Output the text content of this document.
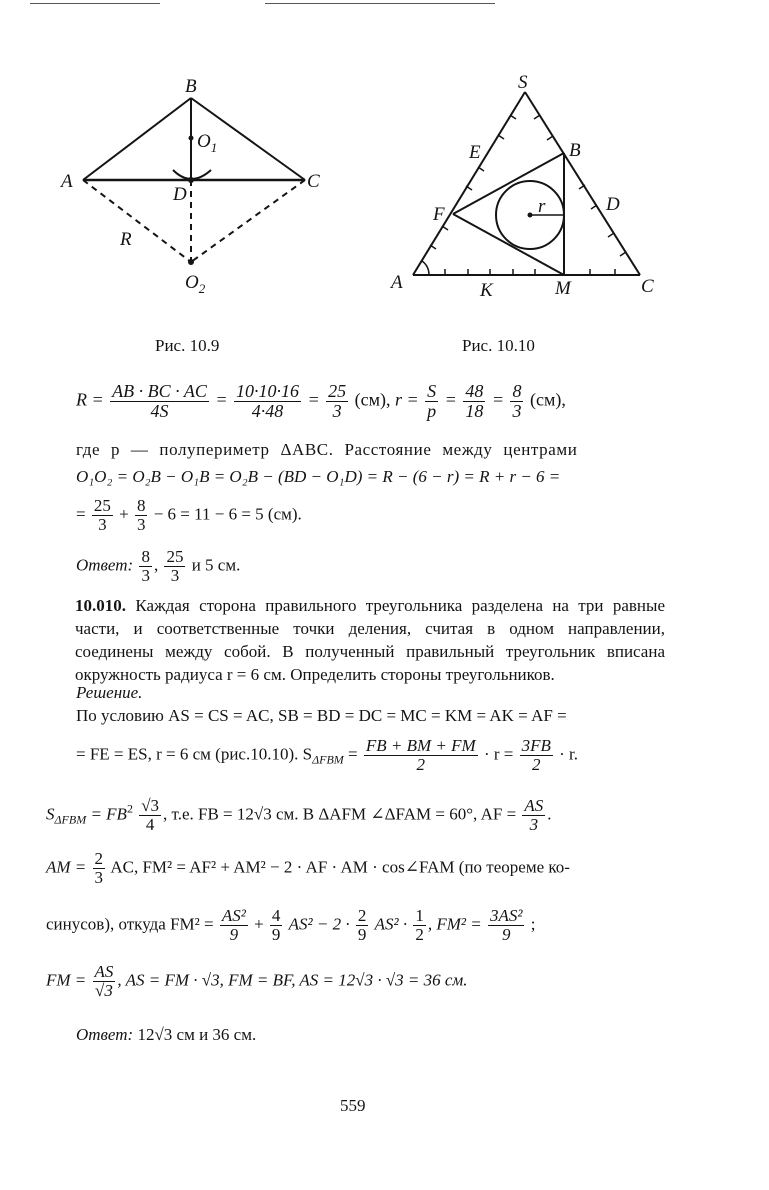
B
$O_1$
A
D
C
R
$O_2$
Рис. 10.9
S
E	B
D
F	r
A	K	M	C
Рис. 10.10
$R = \frac{AB \cdot BC \cdot AC}{4S} = \frac{10\cdot 10\cdot 16}{4\cdot 48} = \frac{25}{3} (см)$, $r = \frac{S}{p} = \frac{48}{18} = \frac{8}{3} (см)$,
где p — полупериметр ΔABC. Расстояние между центрами
O₁O₂ = O₂B − O₁B = O₂B − (BD − O₁D) = R − (6 − r) = R + r − 6 =
= $\frac{25}{3} + \frac{8}{3} - 6 = 11 - 6 = 5$ (см).
Ответ: $\frac{8}{3}$ , $\frac{25}{3}$ и 5 см.
10.010. Каждая сторона правильного треугольника разделена на три равные части, и соответственные точки деления, считая в одном направлении, соединены между собой. В полученный правильный треугольник вписана окружность радиуса r = 6 см. Определить стороны треугольников.
Решение.
По условию AS = CS = AC, SB = BD = DC = MC = KM = AK = AF =
= FE = ES, r = 6 см (рис.10.10). $S_{\Delta FBM} = \frac{FB + BM + FM}{2} \cdot r = \frac{3FB}{2} \cdot r$.
$S_{\Delta FBM} = FB^2 \frac{√3}{4}$ , т.е. FB = 12√3 см. В ΔAFM ∠ΔFAM = 60°, AF = $\frac{AS}{3}$ .
AM = $\frac{2}{3}$ AC, FM² = AF² + AM² − 2 · AF · AM · cos∠FAM (по теореме ко-
синусов), откуда $FM^2 = \frac{\text{AS²}}{9} + \frac{4}{9} AS^2 - 2 \cdot \frac{2}{9} AS^2 \cdot \frac{1}{2}$ , $FM^2 = \frac{\text{3AS²}}{9}$ ;
FM = $\frac{AS}{√3}$ , AS = FM · √3, FM = BF, AS = 12√3 · √3 = 36 см.
Ответ: 12√3 см и 36 см.
559
